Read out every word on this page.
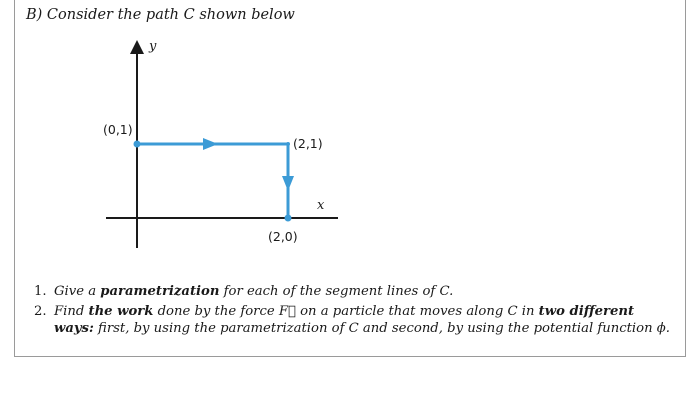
B) Consider the path C shown below
y
x
(0,1)
(2,1)
(2,0)
1. Give a parametrization for each of the segment lines of C.
2. Find the work done by the force F⃗ on a particle that moves along C in two different ways: first, by using the parametrization of C and second, by using the potential function ϕ.
